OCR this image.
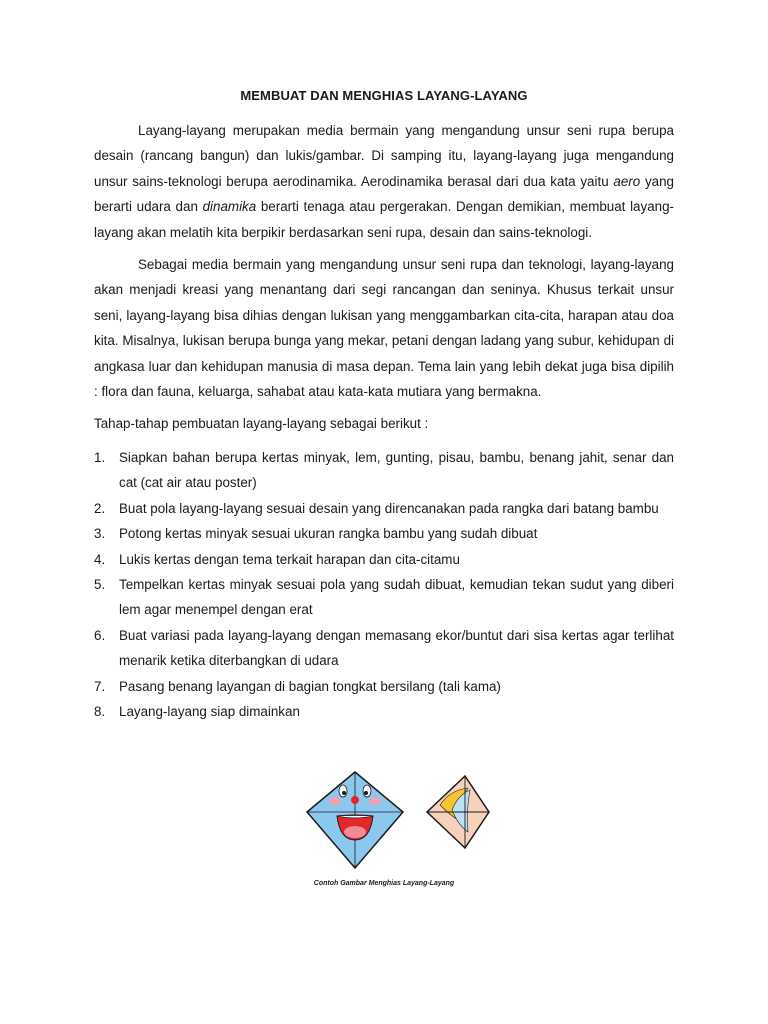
MEMBUAT DAN MENGHIAS LAYANG-LAYANG

Layang-layang merupakan media bermain yang mengandung unsur seni rupa berupa desain (rancang bangun) dan lukis/gambar. Di samping itu, layang-layang juga mengandung unsur sains-teknologi berupa aerodinamika. Aerodinamika berasal dari dua kata yaitu aero yang berarti udara dan dinamika berarti tenaga atau pergerakan. Dengan demikian, membuat layang-layang akan melatih kita berpikir berdasarkan seni rupa, desain dan sains-teknologi.

Sebagai media bermain yang mengandung unsur seni rupa dan teknologi, layang-layang akan menjadi kreasi yang menantang dari segi rancangan dan seninya. Khusus terkait unsur seni, layang-layang bisa dihias dengan lukisan yang menggambarkan cita-cita, harapan atau doa kita. Misalnya, lukisan berupa bunga yang mekar, petani dengan ladang yang subur, kehidupan di angkasa luar dan kehidupan manusia di masa depan. Tema lain yang lebih dekat juga bisa dipilih : flora dan fauna, keluarga, sahabat atau kata-kata mutiara yang bermakna.

Tahap-tahap pembuatan layang-layang sebagai berikut :

1. Siapkan bahan berupa kertas minyak, lem, gunting, pisau, bambu, benang jahit, senar dan cat (cat air atau poster)
2. Buat pola layang-layang sesuai desain yang direncanakan pada rangka dari batang bambu
3. Potong kertas minyak sesuai ukuran rangka bambu yang sudah dibuat
4. Lukis kertas dengan tema terkait harapan dan cita-citamu
5. Tempelkan kertas minyak sesuai pola yang sudah dibuat, kemudian tekan sudut yang diberi lem agar menempel dengan erat
6. Buat variasi pada layang-layang dengan memasang ekor/buntut dari sisa kertas agar terlihat menarik ketika diterbangkan di udara
7. Pasang benang layangan di bagian tongkat bersilang (tali kama)
8. Layang-layang siap dimainkan
Contoh Gambar Menghias Layang-Layang
